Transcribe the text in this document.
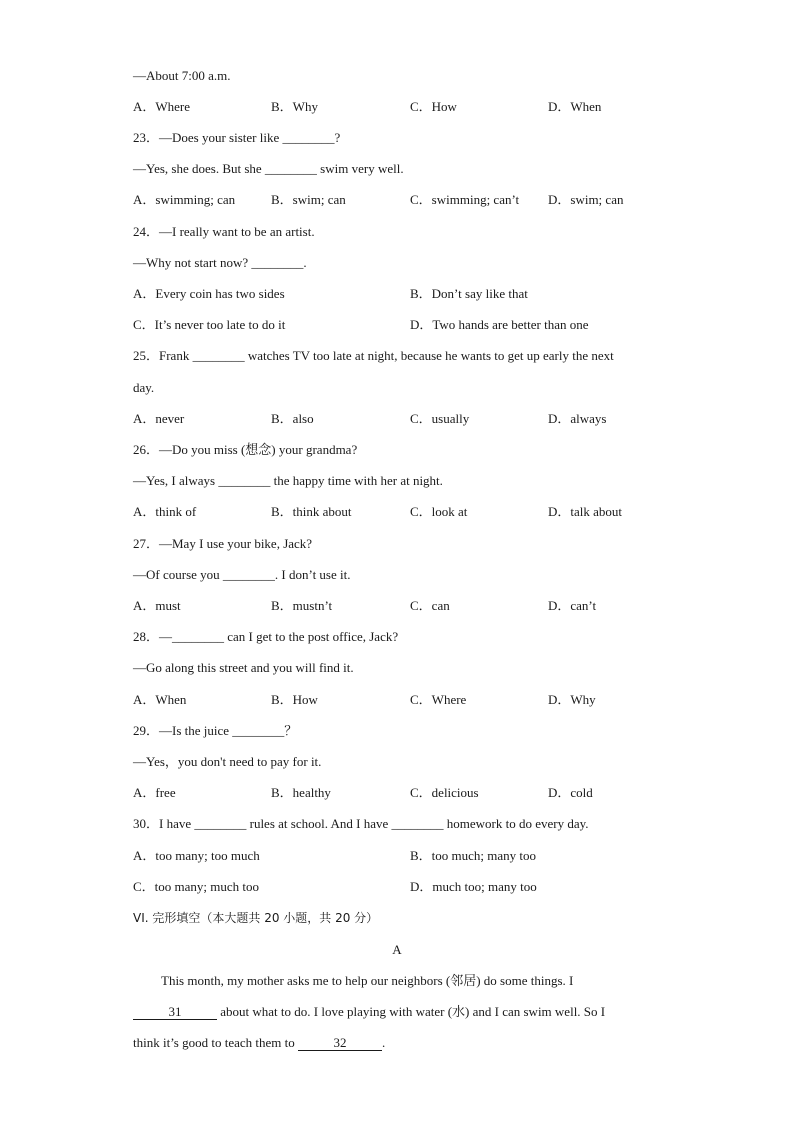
—About 7:00 a.m.
A．Where	B．Why	C．How	D．When
23．—Does your sister like ________?
—Yes, she does. But she ________ swim very well.
A．swimming; can	B．swim; can	C．swimming; can’t D．swim; can
24．—I really want to be an artist.
—Why not start now? ________.
A．Every coin has two sides	B．Don’t say like that
C．It’s never too late to do it	D．Two hands are better than one
25．Frank ________ watches TV too late at night, because he wants to get up early the next
day.
A．never	B．also	C．usually	D．always
26．—Do you miss (想念) your grandma?
—Yes, I always ________ the happy time with her at night.
A．think of	B．think about	C．look at	D．talk about
27．—May I use your bike, Jack?
—Of course you ________. I don’t use it.
A．must	B．mustn’t	C．can	D．can’t
28．—________ can I get to the post office, Jack?
—Go along this street and you will find it.
A．When	B．How	C．Where	D．Why
29．—Is the juice ________？
—Yes，you don't need to pay for it.
A．free	B．healthy	C．delicious	D．cold
30．I have ________ rules at school. And I have ________ homework to do every day.
A．too many; too much	B．too much; many too
C．too many; much too	D．much too; many too
VI. 完形填空（本大题共 20 小题，共 20 分）
A
This month, my mother asks me to help our neighbors (邻居) do some things. I
31	about what to do. I love playing with water (水) and I can swim well. So I
think it’s good to teach them to	32	.
